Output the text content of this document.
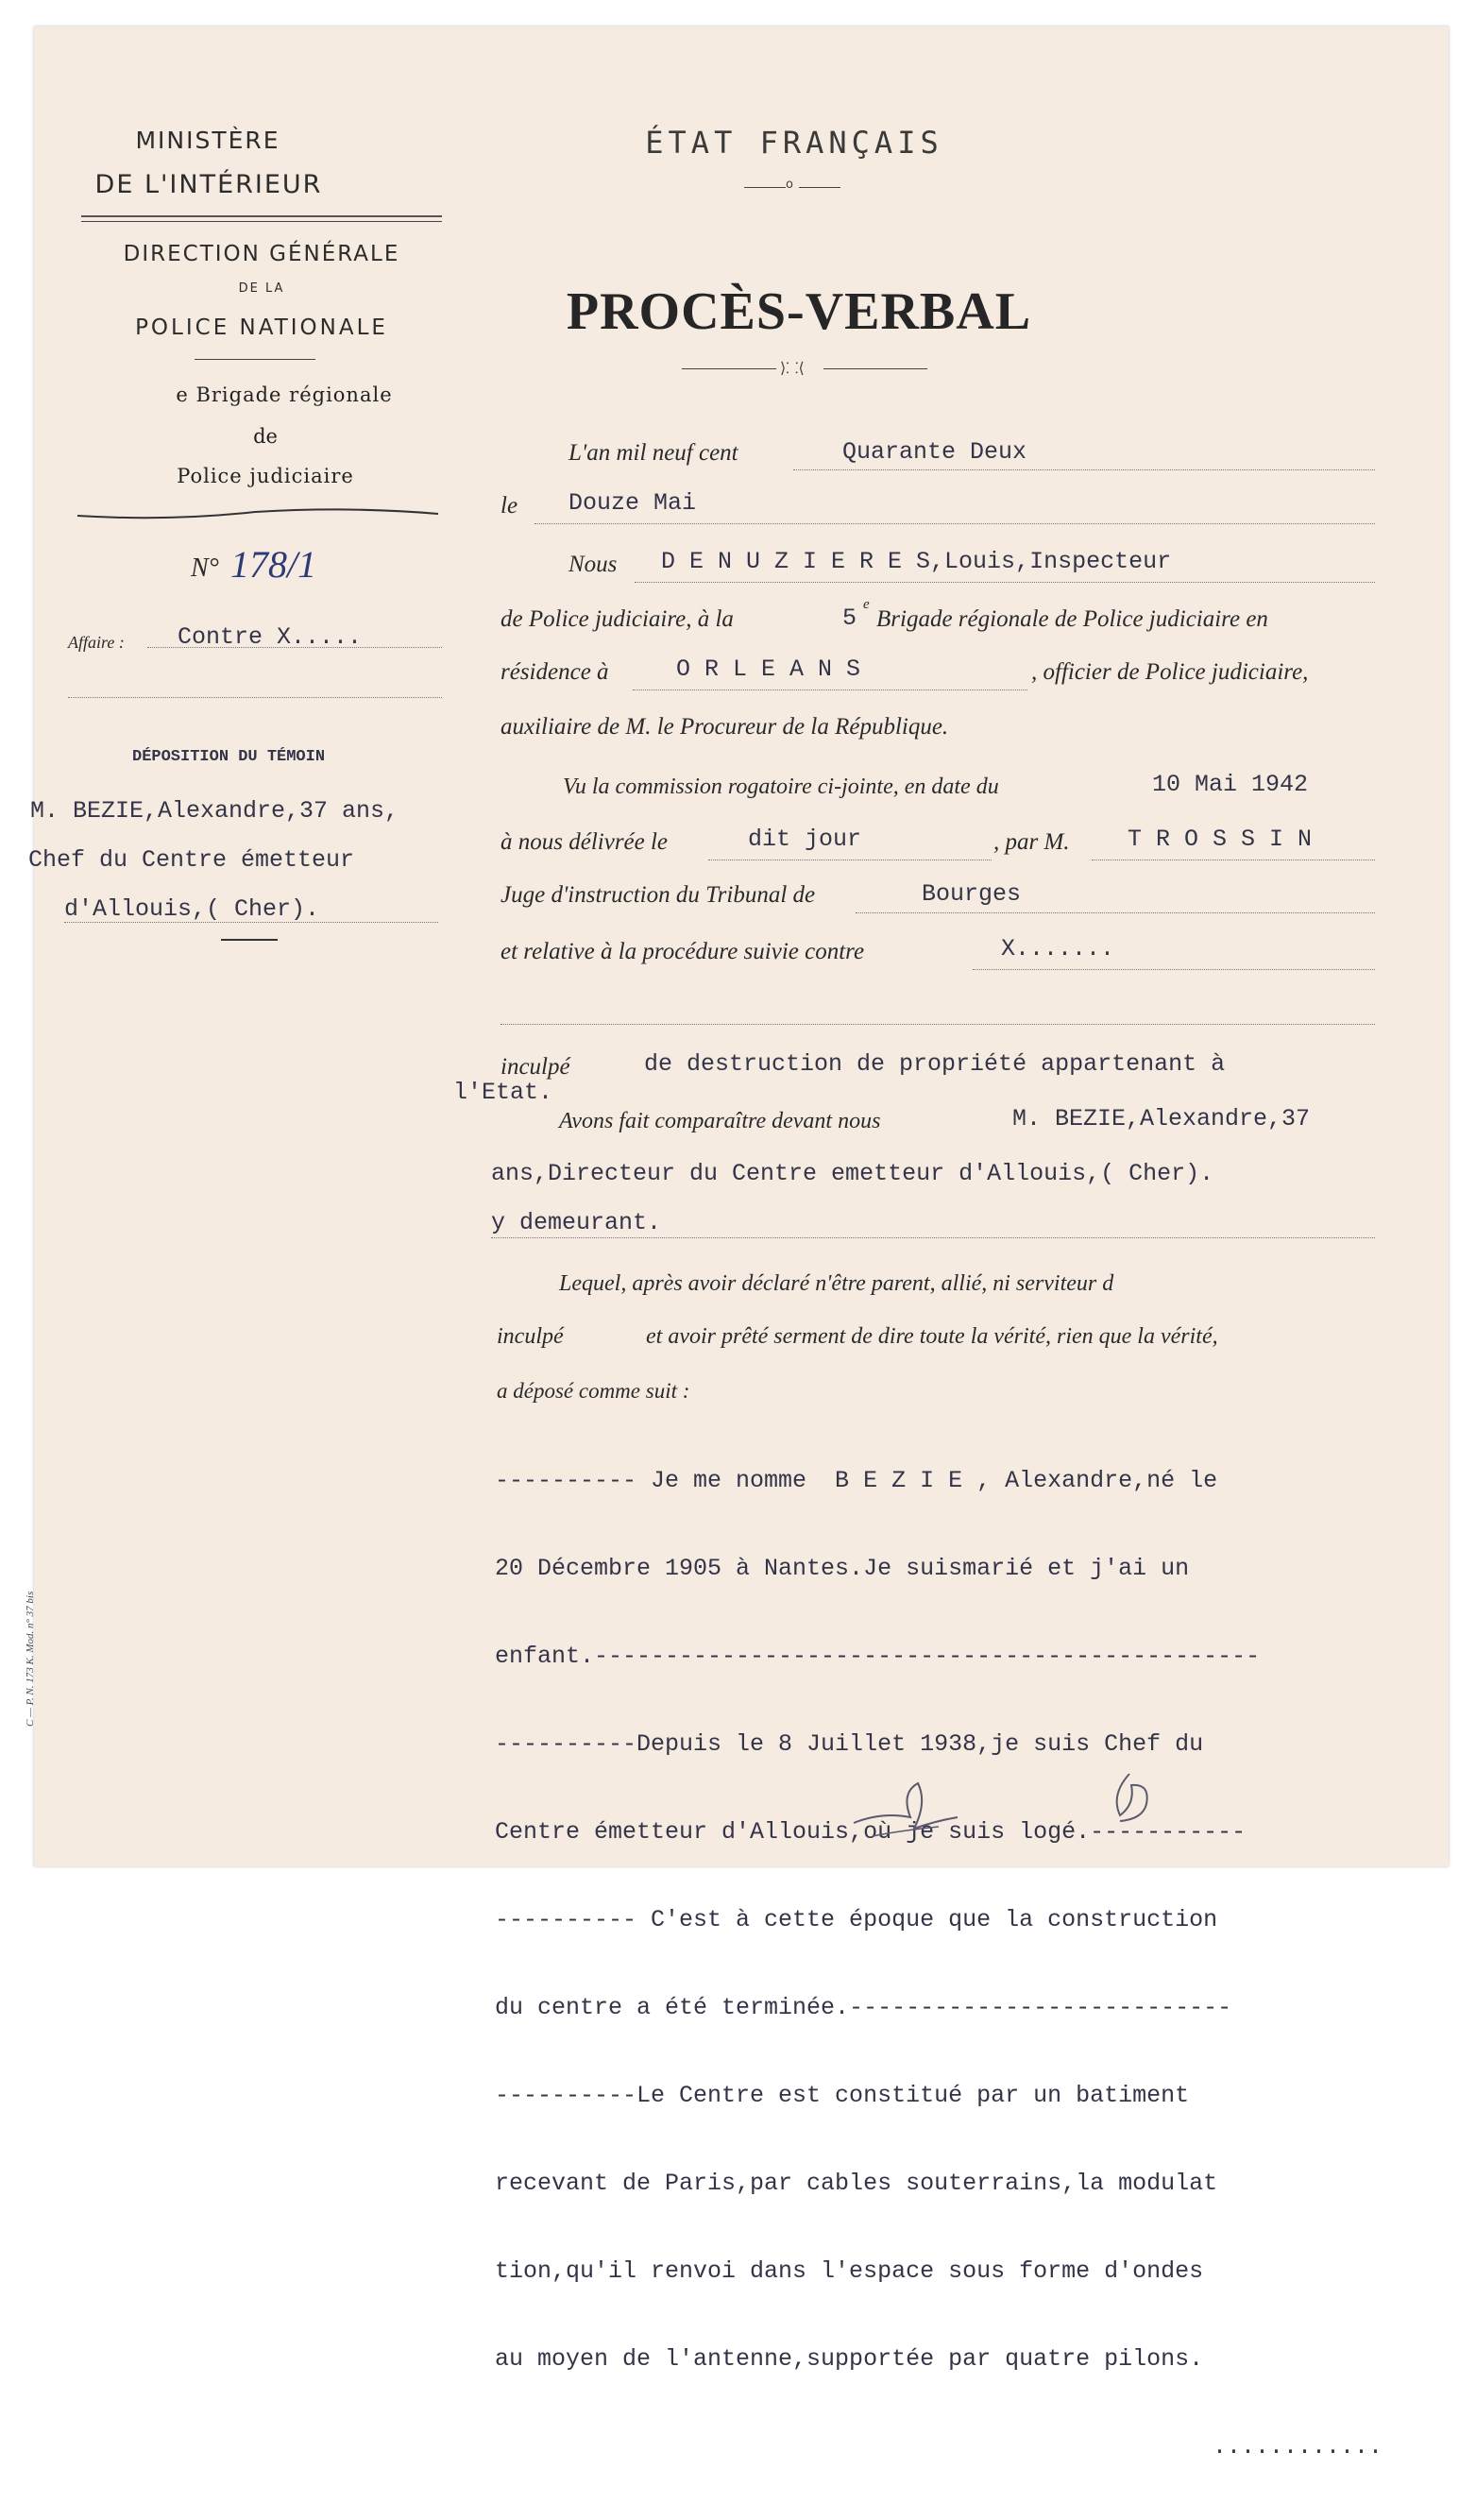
MINISTÈRE
DE L'INTÉRIEUR
DIRECTION GÉNÉRALE
DE LA
POLICE NATIONALE
e Brigade régionale
de
Police judiciaire
N° 178/1
Affaire : Contre X.....
DÉPOSITION DU TÉMOIN
M. BEZIE,Alexandre,37 ans,
Chef du Centre émetteur
d'Allouis,( Cher).
C — P. N. 173 K. Mod. n° 37 bis
ÉTAT FRANÇAIS
o
PROCÈS-VERBAL
⟩⸬⟨
L'an mil neuf cent	Quarante Deux
le Douze Mai
Nous D E N U Z I E R E S,Louis,Inspecteur
de Police judiciaire, à la	5 e
Brigade régionale de Police judiciaire en
résidence à	O R L E A N S	, officier de Police judiciaire,
auxiliaire de M. le Procureur de la République.
Vu la commission rogatoire ci-jointe, en date du	10 Mai 1942
à nous délivrée le	dit jour	, par M. T R O S S I N
Juge d'instruction du Tribunal de	Bourges
et relative à la procédure suivie contre	X.......
inculpé	de destruction de propriété appartenant à
l'Etat.
Avons fait comparaître devant nous	M. BEZIE,Alexandre,37
ans,Directeur du Centre emetteur d'Allouis,( Cher).
y demeurant.
Lequel, après avoir déclaré n'être parent, allié, ni serviteur d
inculpé	et avoir prêté serment de dire toute la vérité, rien que la vérité,
a déposé comme suit :

---------- Je me nomme  B E Z I E , Alexandre,né le

20 Décembre 1905 à Nantes.Je suismarié et j'ai un

enfant.-----------------------------------------------

----------Depuis le 8 Juillet 1938,je suis Chef du

Centre émetteur d'Allouis,où je suis logé.-----------

---------- C'est à cette époque que la construction

du centre a été terminée.---------------------------

----------Le Centre est constitué par un batiment

recevant de Paris,par cables souterrains,la modulat

tion,qu'il renvoi dans l'espace sous forme d'ondes

au moyen de l'antenne,supportée par quatre pilons.

............
